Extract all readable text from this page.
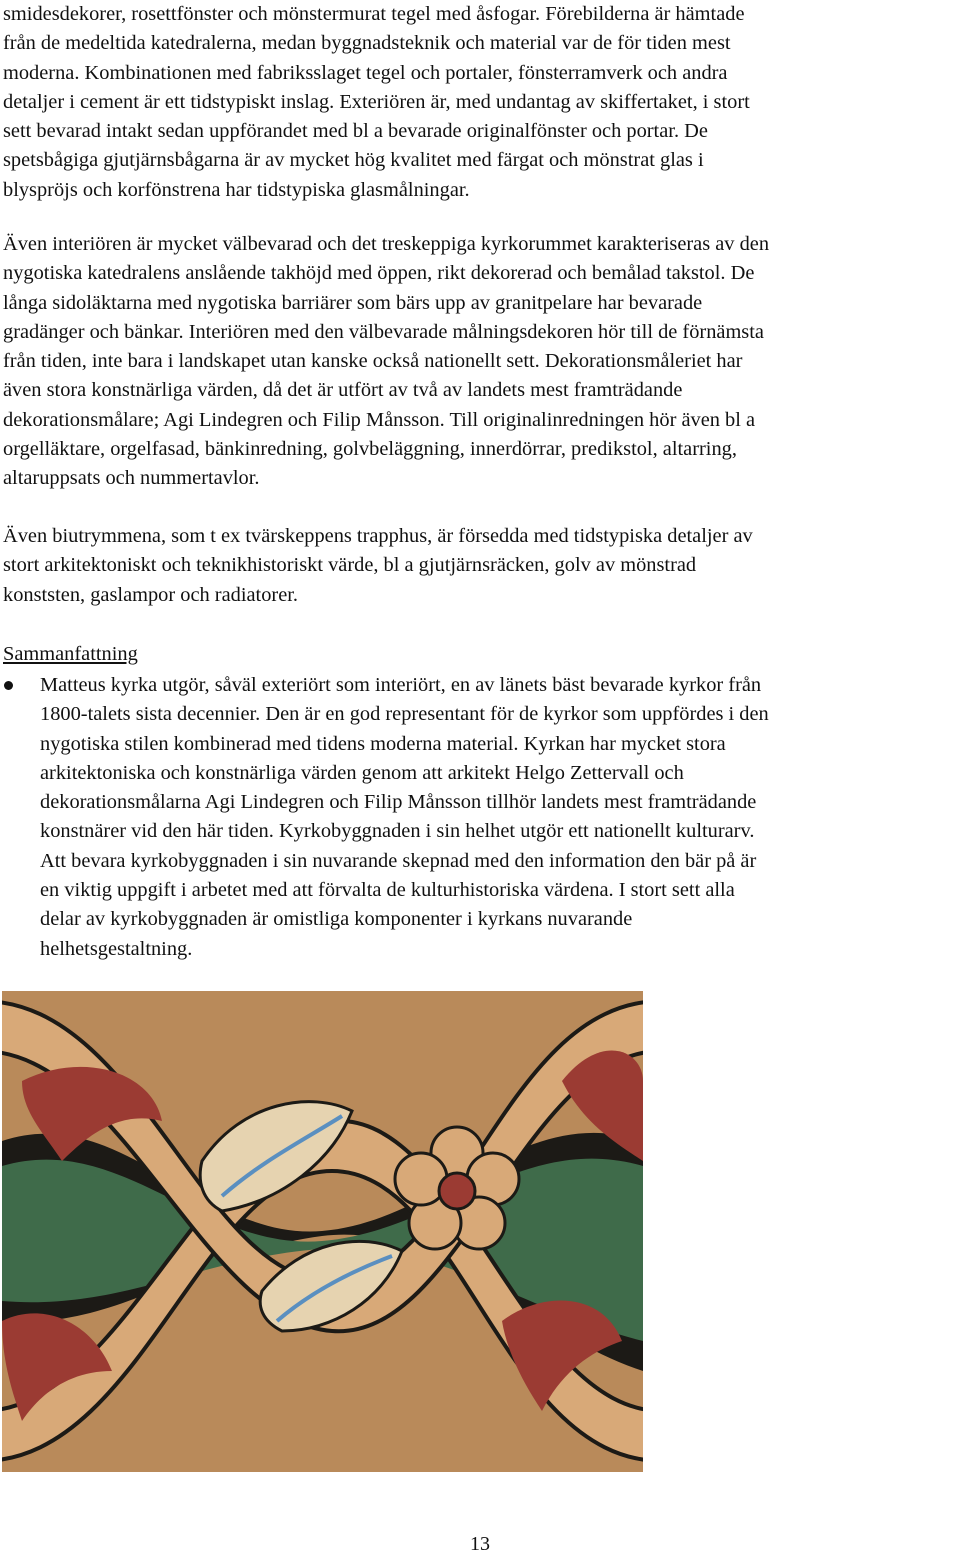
smidesdekorer, rosettfönster och mönstermurat tegel med åsfogar. Förebilderna är hämtade
från de medeltida katedralerna, medan byggnadsteknik och material var de för tiden mest
moderna. Kombinationen med fabriksslaget tegel och portaler, fönsterramverk och andra
detaljer i cement är ett tidstypiskt inslag. Exteriören är, med undantag av skiffertaket, i stort
sett bevarad intakt sedan uppförandet med bl a bevarade originalfönster och portar. De
spetsbågiga gjutjärnsbågarna är av mycket hög kvalitet med färgat och mönstrat glas i
blyspröjs och korfönstrena har tidstypiska glasmålningar.
Även interiören är mycket välbevarad och det treskeppiga kyrkorummet karakteriseras av den
nygotiska katedralens anslående takhöjd med öppen, rikt dekorerad och bemålad takstol. De
långa sidoläktarna med nygotiska barriärer som bärs upp av granitpelare har bevarade
gradänger och bänkar. Interiören med den välbevarade målningsdekoren hör till de förnämsta
från tiden, inte bara i landskapet utan kanske också nationellt sett. Dekorationsmåleriet har
även stora konstnärliga värden, då det är utfört av två av landets mest framträdande
dekorationsmålare; Agi Lindegren och Filip Månsson. Till originalinredningen hör även bl a
orgelläktare, orgelfasad, bänkinredning, golvbeläggning, innerdörrar, predikstol, altarring,
altaruppsats och nummertavlor.
Även biutrymmena, som t ex tvärskeppens trapphus, är försedda med tidstypiska detaljer av
stort arkitektoniskt och teknikhistoriskt värde, bl a gjutjärnsräcken, golv av mönstrad
konststen, gaslampor och radiatorer.
Sammanfattning
Matteus kyrka utgör, såväl exteriört som interiört, en av länets bäst bevarade kyrkor från
1800-talets sista decennier. Den är en god representant för de kyrkor som uppfördes i den
nygotiska stilen kombinerad med tidens moderna material. Kyrkan har mycket stora
arkitektoniska och konstnärliga värden genom att arkitekt Helgo Zettervall och
dekorationsmålarna Agi Lindegren och Filip Månsson tillhör landets mest framträdande
konstnärer vid den här tiden. Kyrkobyggnaden i sin helhet utgör ett nationellt kulturarv.
Att bevara kyrkobyggnaden i sin nuvarande skepnad med den information den bär på är
en viktig uppgift i arbetet med att förvalta de kulturhistoriska värdena. I stort sett alla
delar av kyrkobyggnaden är omistliga komponenter i kyrkans nuvarande
helhetsgestaltning.
13
